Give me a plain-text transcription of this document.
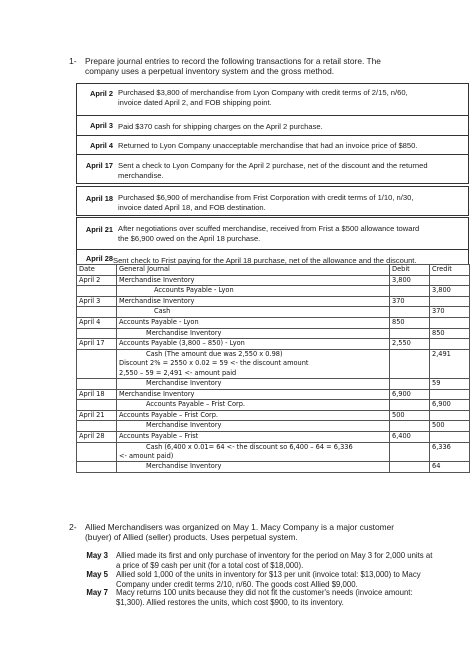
1- Prepare journal entries to record the following transactions for a retail store. The
company uses a perpetual inventory system and the gross method.
April 2 Purchased $3,800 of merchandise from Lyon Company with credit terms of 2/15, n/60,
invoice dated April 2, and FOB shipping point.
April 3 Paid $370 cash for shipping charges on the April 2 purchase.
April 4 Returned to Lyon Company unacceptable merchandise that had an invoice price of $850.
April 17 Sent a check to Lyon Company for the April 2 purchase, net of the discount and the returned
merchandise.
April 18 Purchased $6,900 of merchandise from Frist Corporation with credit terms of 1/10, n/30,
invoice dated April 18, and FOB destination.
April 21 After negotiations over scuffed merchandise, received from Frist a $500 allowance toward
the $6,900 owed on the April 18 purchase.
April 28 Sent check to Frist paying for the April 18 purchase, net of the allowance and the discount.
Date	General Journal	Debit	Credit
April 2	Merchandise Inventory	3,800	

	Accounts Payable - Lyon		3,800
April 3	Merchandise Inventory	370	

	Cash		370
April 4	Accounts Payable - Lyon	850	

	Merchandise Inventory		850
April 17	Accounts Payable (3,800 – 850) - Lyon	2,550	

	Cash (The amount due was 2,550 x 0.98)
Discount 2% = 2550 x 0.02 = 59 <- the discount amount
2,550 – 59 = 2,491 <- amount paid		2,491

	Merchandise Inventory		59
April 18	Merchandise Inventory	6,900	

	Accounts Payable – Frist Corp.		6,900
April 21	Accounts Payable – Frist Corp.	500	

	Merchandise Inventory		500
April 28	Accounts Payable – Frist	6,400	

	Cash (6,400 x 0.01= 64 <- the discount so 6,400 – 64 = 6,336
<- amount paid)		6,336

	Merchandise Inventory		64
2- Allied Merchandisers was organized on May 1. Macy Company is a major customer
(buyer) of Allied (seller) products. Uses perpetual system.
May 3 Allied made its first and only purchase of inventory for the period on May 3 for 2,000 units at
a price of $9 cash per unit (for a total cost of $18,000).
May 5 Allied sold 1,000 of the units in inventory for $13 per unit (invoice total: $13,000) to Macy
Company under credit terms 2/10, n/60. The goods cost Allied $9,000.
May 7 Macy returns 100 units because they did not fit the customer's needs (invoice amount:
$1,300). Allied restores the units, which cost $900, to its inventory.
